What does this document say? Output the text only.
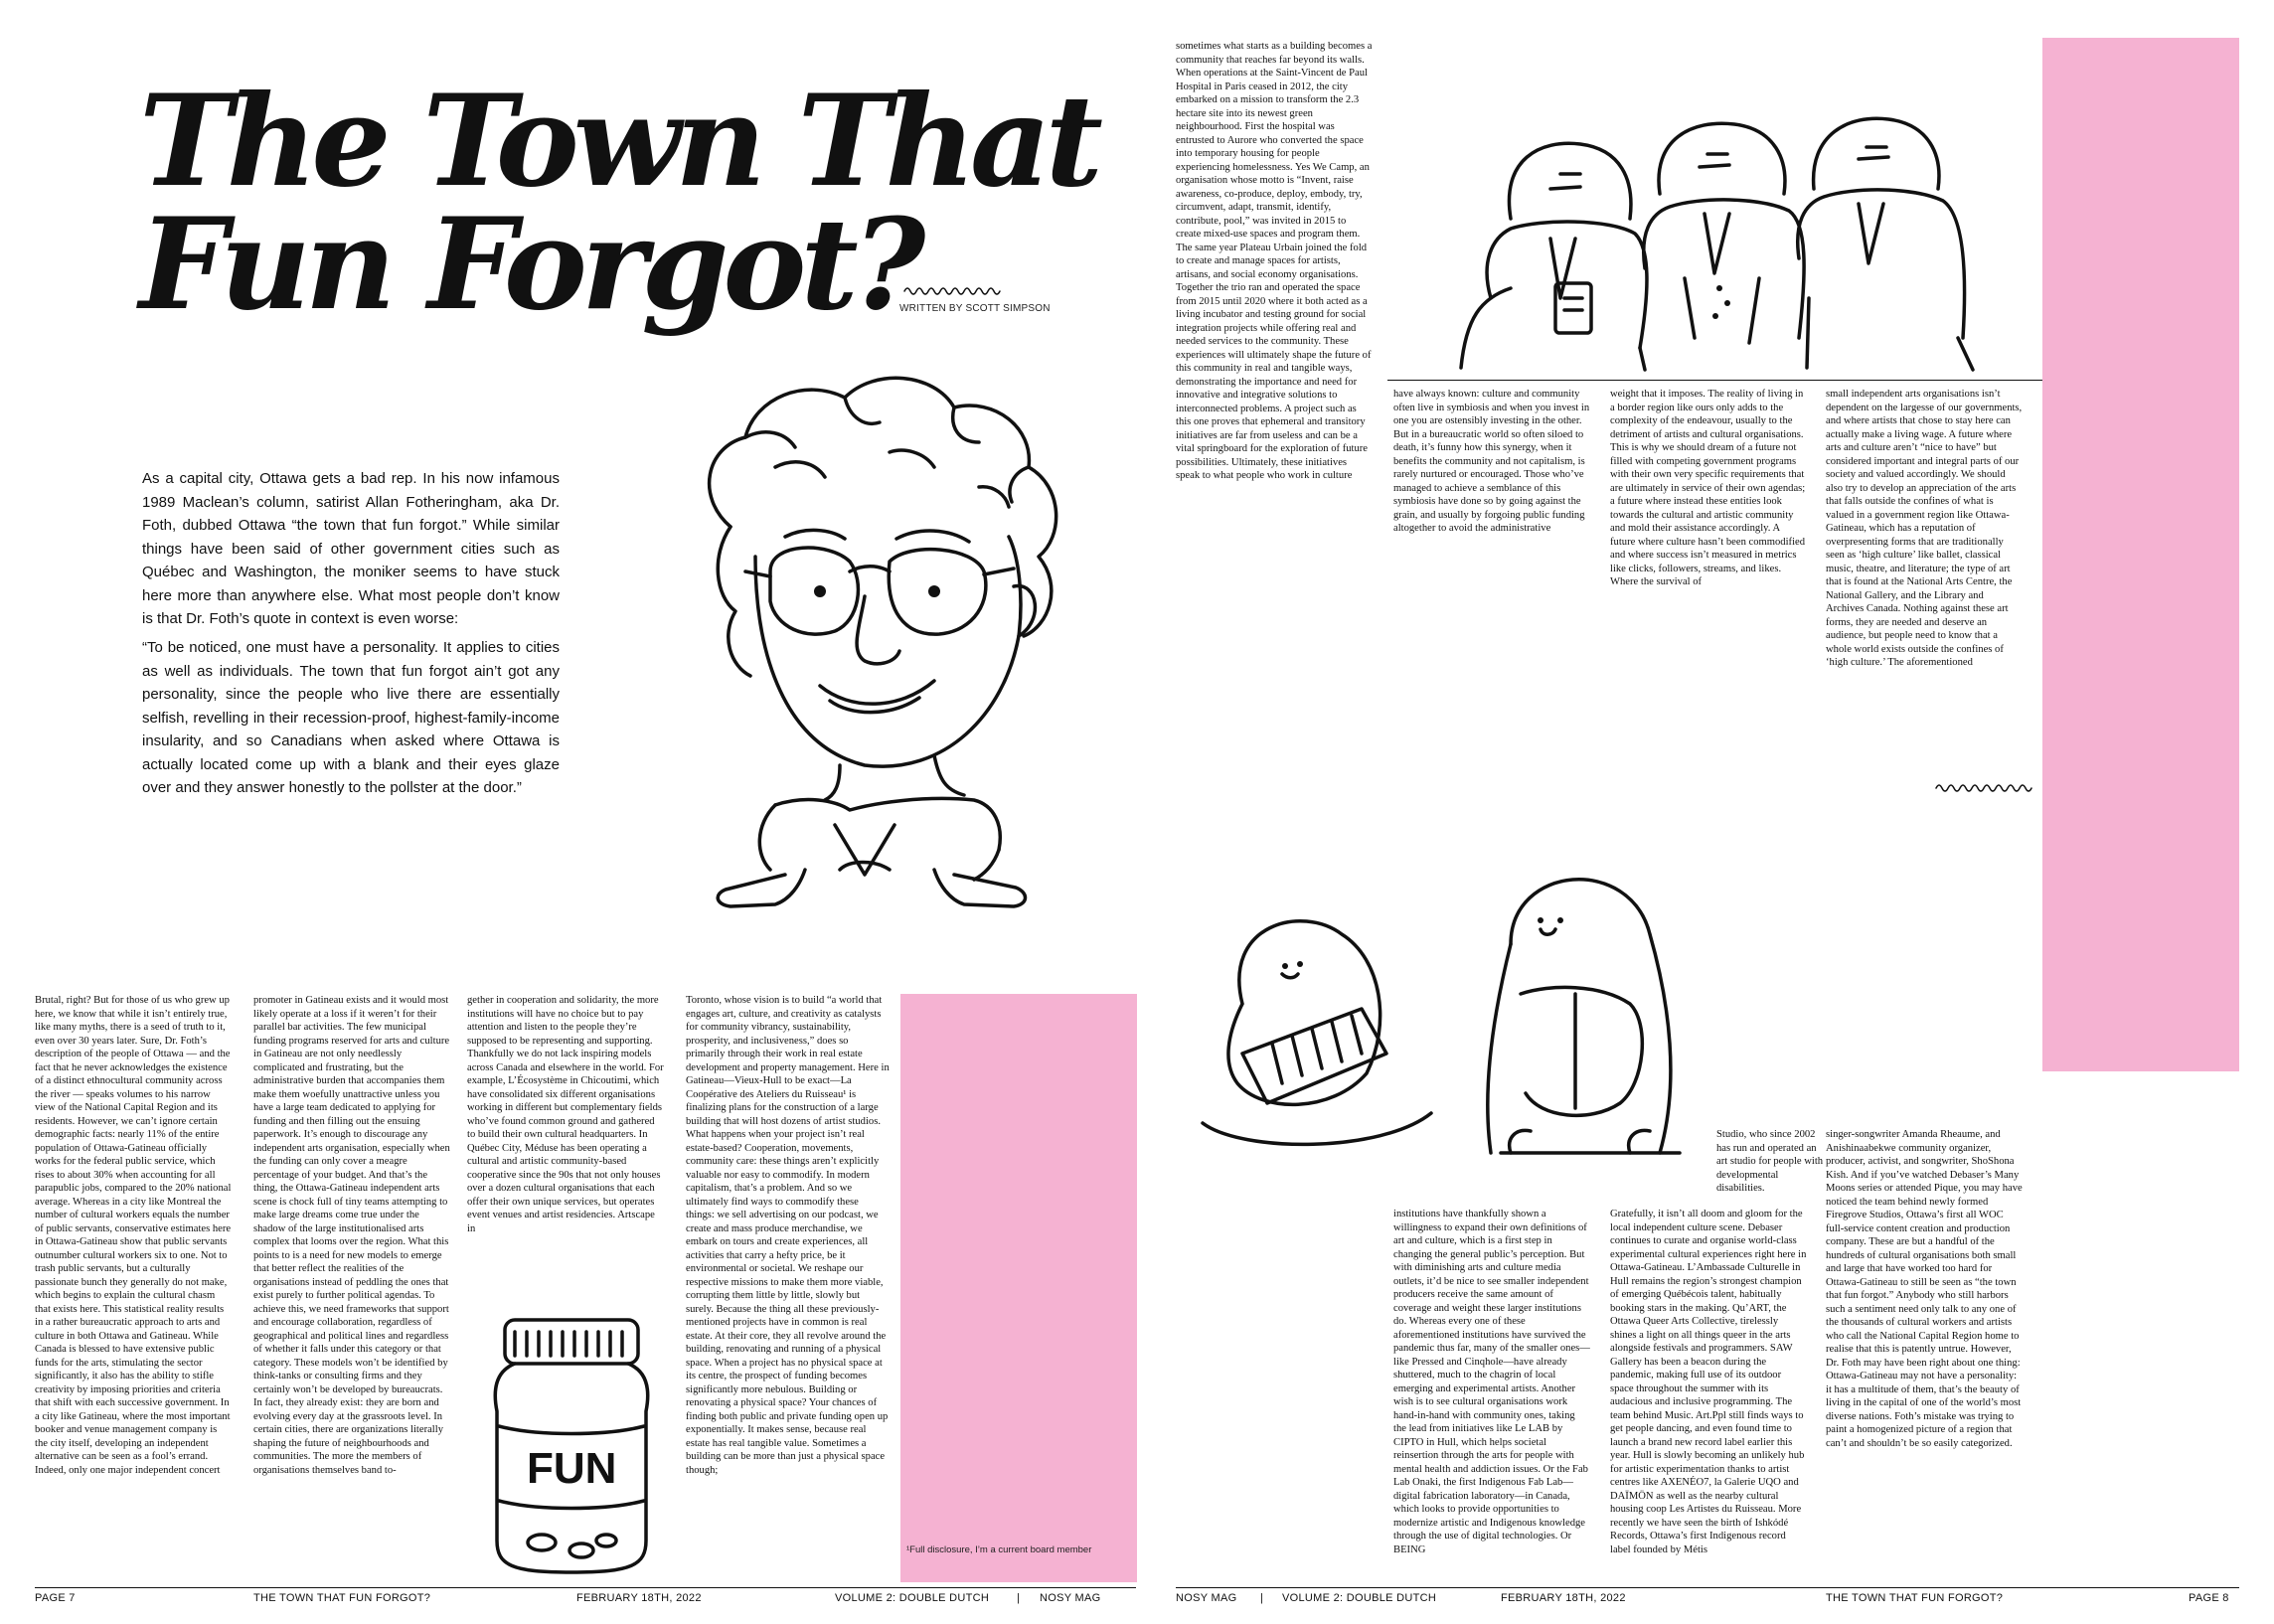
The Town That
Fun Forgot?
WRITTEN BY SCOTT SIMPSON

As a capital city, Ottawa gets a bad rep. In his now infamous 1989 Maclean’s column, satirist Allan Fotheringham, aka Dr. Foth, dubbed Ottawa “the town that fun forgot.” While similar things have been said of other government cities such as Québec and Washington, the moniker seems to have stuck here more than anywhere else. What most people don’t know is that Dr. Foth’s quote in context is even worse:

“To be noticed, one must have a personality. It applies to cities as well as individuals. The town that fun forgot ain’t got any personality, since the people who live there are essentially selfish, revelling in their recession-proof, highest-family-income insularity, and so Canadians when asked where Ottawa is actually located come up with a blank and their eyes glaze over and they answer honestly to the pollster at the door.”

Brutal, right? But for those of us who grew up here, we know that while it isn’t entirely true, like many myths, there is a seed of truth to it, even over 30 years later. Sure, Dr. Foth’s description of the people of Ottawa — and the fact that he never acknowledges the existence of a distinct ethnocultural community across the river — speaks volumes to his narrow view of the National Capital Region and its residents. However, we can’t ignore certain demographic facts: nearly 11% of the entire population of Ottawa-Gatineau officially works for the federal public service, which rises to about 30% when accounting for all parapublic jobs, compared to the 20% national average. Whereas in a city like Montreal the number of cultural workers equals the number of public servants, conservative estimates here in Ottawa-Gatineau show that public servants outnumber cultural workers six to one. Not to trash public servants, but a culturally passionate bunch they generally do not make, which begins to explain the cultural chasm that exists here. This statistical reality results in a rather bureaucratic approach to arts and culture in both Ottawa and Gatineau. While Canada is blessed to have extensive public funds for the arts, stimulating the sector significantly, it also has the ability to stifle creativity by imposing priorities and criteria that shift with each successive government. In a city like Gatineau, where the most important booker and venue management company is the city itself, developing an independent alternative can be seen as a fool’s errand. Indeed, only one major independent concert

promoter in Gatineau exists and it would most likely operate at a loss if it weren’t for their parallel bar activities. The few municipal funding programs reserved for arts and culture in Gatineau are not only needlessly complicated and frustrating, but the administrative burden that accompanies them make them woefully unattractive unless you have a large team dedicated to applying for funding and then filling out the ensuing paperwork. It’s enough to discourage any independent arts organisation, especially when the funding can only cover a meagre percentage of your budget. And that’s the thing, the Ottawa-Gatineau independent arts scene is chock full of tiny teams attempting to make large dreams come true under the shadow of the large institutionalised arts complex that looms over the region. What this points to is a need for new models to emerge that better reflect the realities of the organisations instead of peddling the ones that exist purely to further political agendas. To achieve this, we need frameworks that support and encourage collaboration, regardless of geographical and political lines and regardless of whether it falls under this category or that category. These models won’t be identified by think-tanks or consulting firms and they certainly won’t be developed by bureaucrats. In fact, they already exist: they are born and evolving every day at the grassroots level. In certain cities, there are organizations literally shaping the future of neighbourhoods and communities. The more the members of organisations themselves band to-

gether in cooperation and solidarity, the more institutions will have no choice but to pay attention and listen to the people they’re supposed to be representing and supporting. Thankfully we do not lack inspiring models across Canada and elsewhere in the world. For example, L’Écosystème in Chicoutimi, which have consolidated six different organisations working in different but complementary fields who’ve found common ground and gathered to build their own cultural headquarters. In Québec City, Méduse has been operating a cultural and artistic community-based cooperative since the 90s that not only houses over a dozen cultural organisations that each offer their own unique services, but operates event venues and artist residencies. Artscape in

Toronto, whose vision is to build “a world that engages art, culture, and creativity as catalysts for community vibrancy, sustainability, prosperity, and inclusiveness,” does so primarily through their work in real estate development and property management. Here in Gatineau—Vieux-Hull to be exact—La Coopérative des Ateliers du Ruisseau¹ is finalizing plans for the construction of a large building that will host dozens of artist studios. What happens when your project isn’t real estate-based? Cooperation, movements, community care: these things aren’t explicitly valuable nor easy to commodify. In modern capitalism, that’s a problem. And so we ultimately find ways to commodify these things: we sell advertising on our podcast, we create and mass produce merchandise, we embark on tours and create experiences, all activities that carry a hefty price, be it environmental or societal. We reshape our respective missions to make them more viable, corrupting them little by little, slowly but surely. Because the thing all these previously-mentioned projects have in common is real estate. At their core, they all revolve around the building, renovating and running of a physical space. When a project has no physical space at its centre, the prospect of funding becomes significantly more nebulous. Building or renovating a physical space? Your chances of finding both public and private funding open up exponentially. It makes sense, because real estate has real tangible value. Sometimes a building can be more than just a physical space though;

FUN
¹Full disclosure, I’m a current board member
PAGE 7	THE TOWN THAT FUN FORGOT?	FEBRUARY 18TH, 2022	VOLUME 2: DOUBLE DUTCH	| NOSY MAG

sometimes what starts as a building becomes a community that reaches far beyond its walls. When operations at the Saint-Vincent de Paul Hospital in Paris ceased in 2012, the city embarked on a mission to transform the 2.3 hectare site into its newest green neighbourhood. First the hospital was entrusted to Aurore who converted the space into temporary housing for people experiencing homelessness. Yes We Camp, an organisation whose motto is “Invent, raise awareness, co-produce, deploy, embody, try, circumvent, adapt, transmit, identify, contribute, pool,” was invited in 2015 to create mixed-use spaces and program them. The same year Plateau Urbain joined the fold to create and manage spaces for artists, artisans, and social economy organisations. Together the trio ran and operated the space from 2015 until 2020 where it both acted as a living incubator and testing ground for social integration projects while offering real and needed services to the community. These experiences will ultimately shape the future of this community in real and tangible ways, demonstrating the importance and need for innovative and integrative solutions to interconnected problems. A project such as this one proves that ephemeral and transitory initiatives are far from useless and can be a vital springboard for the exploration of future possibilities. Ultimately, these initiatives speak to what people who work in culture

have always known: culture and community often live in symbiosis and when you invest in one you are ostensibly investing in the other. But in a bureaucratic world so often siloed to death, it’s funny how this synergy, when it benefits the community and not capitalism, is rarely nurtured or encouraged. Those who’ve managed to achieve a semblance of this symbiosis have done so by going against the grain, and usually by forgoing public funding altogether to avoid the administrative

weight that it imposes. The reality of living in a border region like ours only adds to the complexity of the endeavour, usually to the detriment of artists and cultural organisations. This is why we should dream of a future not filled with competing government programs with their own very specific requirements that are ultimately in service of their own agendas; a future where instead these entities look towards the cultural and artistic community and mold their assistance accordingly. A future where culture hasn’t been commodified and where success isn’t measured in metrics like clicks, followers, streams, and likes. Where the survival of

small independent arts organisations isn’t dependent on the largesse of our governments, and where artists that chose to stay here can actually make a living wage. A future where arts and culture aren’t “nice to have” but considered important and integral parts of our society and valued accordingly. We should also try to develop an appreciation of the arts that falls outside the confines of what is valued in a government region like Ottawa-Gatineau, which has a reputation of overpresenting forms that are traditionally seen as ‘high culture’ like ballet, classical music, theatre, and literature; the type of art that is found at the National Arts Centre, the National Gallery, and the Library and Archives Canada. Nothing against these art forms, they are needed and deserve an audience, but people need to know that a whole world exists outside the confines of ‘high culture.’ The aforementioned

Studio, who since 2002 has run and operated an art studio for people with developmental disabilities.

institutions have thankfully shown a willingness to expand their own definitions of art and culture, which is a first step in changing the general public’s perception. But with diminishing arts and culture media outlets, it’d be nice to see smaller independent producers receive the same amount of coverage and weight these larger institutions do. Whereas every one of these aforementioned institutions have survived the pandemic thus far, many of the smaller ones—like Pressed and Cinqhole—have already shuttered, much to the chagrin of local emerging and experimental artists. Another wish is to see cultural organisations work hand-in-hand with community ones, taking the lead from initiatives like Le LAB by CIPTO in Hull, which helps societal reinsertion through the arts for people with mental health and addiction issues. Or the Fab Lab Onaki, the first Indigenous Fab Lab—digital fabrication laboratory—in Canada, which looks to provide opportunities to modernize artistic and Indigenous knowledge through the use of digital technologies. Or BEING

Gratefully, it isn’t all doom and gloom for the local independent culture scene. Debaser continues to curate and organise world-class experimental cultural experiences right here in Ottawa-Gatineau. L’Ambassade Culturelle in Hull remains the region’s strongest champion of emerging Québécois talent, habitually booking stars in the making. Qu’ART, the Ottawa Queer Arts Collective, tirelessly shines a light on all things queer in the arts alongside festivals and programmers. SAW Gallery has been a beacon during the pandemic, making full use of its outdoor space throughout the summer with its audacious and inclusive programming. The team behind Music. Art.Ppl still finds ways to get people dancing, and even found time to launch a brand new record label earlier this year. Hull is slowly becoming an unlikely hub for artistic experimentation thanks to artist centres like AXENÉO7, la Galerie UQO and DAÏMÖN as well as the nearby cultural housing coop Les Artistes du Ruisseau. More recently we have seen the birth of Ishkódé Records, Ottawa’s first Indigenous record label founded by Métis

singer-songwriter Amanda Rheaume, and Anishinaabekwe community organizer, producer, activist, and songwriter, ShoShona Kish. And if you’ve watched Debaser’s Many Moons series or attended Pique, you may have noticed the team behind newly formed Firegrove Studios, Ottawa’s first all WOC full-service content creation and production company. These are but a handful of the hundreds of cultural organisations both small and large that have worked too hard for Ottawa-Gatineau to still be seen as “the town that fun forgot.” Anybody who still harbors such a sentiment need only talk to any one of the thousands of cultural workers and artists who call the National Capital Region home to realise that this is patently untrue. However, Dr. Foth may have been right about one thing: Ottawa-Gatineau may not have a personality: it has a multitude of them, that’s the beauty of living in the capital of one of the world’s most diverse nations. Foth’s mistake was trying to paint a homogenized picture of a region that can’t and shouldn’t be so easily categorized.

NOSY MAG | VOLUME 2: DOUBLE DUTCH	FEBRUARY 18TH, 2022	THE TOWN THAT FUN FORGOT?	PAGE 8
